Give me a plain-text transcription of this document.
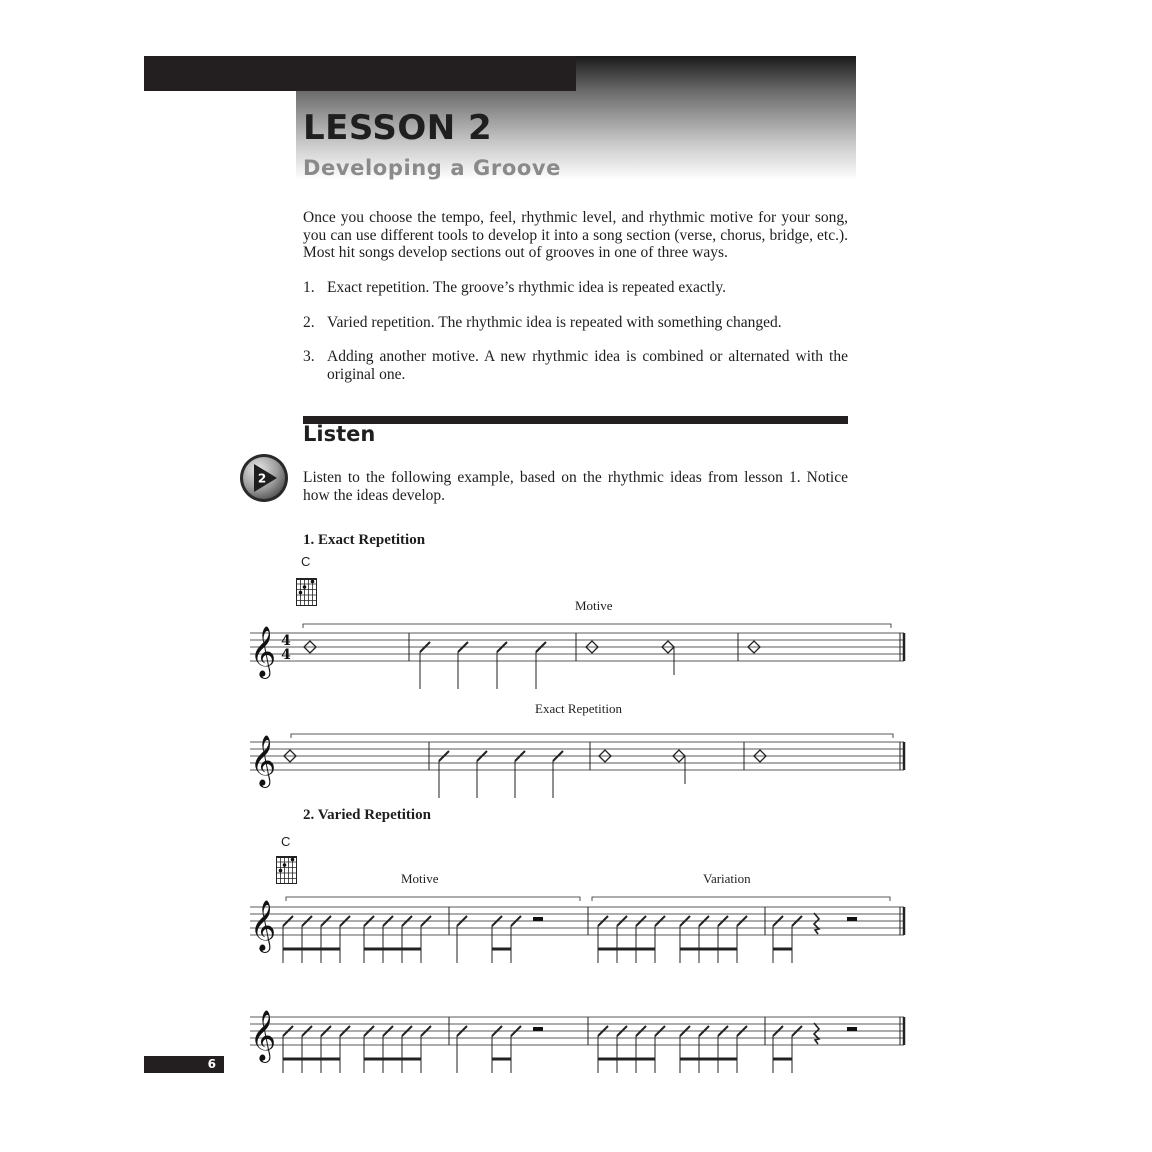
LESSON 2
Developing a Groove
Once you choose the tempo, feel, rhythmic level, and rhythmic motive for your song, you can use different tools to develop it into a song section (verse, chorus, bridge, etc.). Most hit songs develop sections out of grooves in one of three ways.
1. Exact repetition. The groove’s rhythmic idea is repeated exactly.
2. Varied repetition. The rhythmic idea is repeated with something changed.
3. Adding another motive. A new rhythmic idea is combined or alternated with the original one.
Listen
2 Listen to the following example, based on the rhythmic ideas from lesson 1. Notice how the ideas develop.
1. Exact Repetition
C
Motive
Exact Repetition
2. Varied Repetition
C
Motive	Variation
𝄞
𝄞
𝄞
𝄞
4
4
6
